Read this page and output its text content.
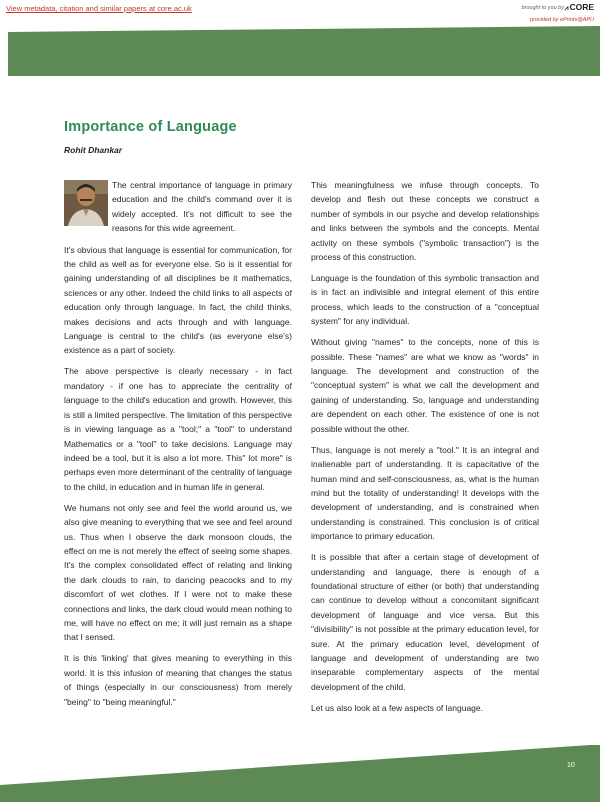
View metadata, citation and similar papers at core.ac.uk	brought to you by ⩘CORE
provided by ePrints@APU
Importance of Language
Rohit Dhankar

The central importance of language in primary education and the child's command over it is widely accepted. It's not difficult to see the reasons for this wide agreement.

It's obvious that language is essential for communication, for the child as well as for everyone else. So is it essential for gaining understanding of all disciplines be it mathematics, sciences or any other. Indeed the child links to all aspects of education only through language. In fact, the child thinks, makes decisions and acts through and with language. Language is central to the child's (as everyone else's) existence as a part of society.

The above perspective is clearly necessary - in fact mandatory - if one has to appreciate the centrality of language to the child's education and growth. However, this is still a limited perspective. The limitation of this perspective is in viewing language as a "tool;" a "tool" to understand Mathematics or a "tool" to take decisions. Language may indeed be a tool, but it is also a lot more. This" lot more" is perhaps even more determinant of the centrality of language to the child, in education and in human life in general.

We humans not only see and feel the world around us, we also give meaning to everything that we see and feel around us. Thus when I observe the dark monsoon clouds, the effect on me is not merely the effect of seeing some shapes. It's the complex consolidated effect of relating and linking the dark clouds to rain, to dancing peacocks and to my discomfort of wet clothes. If I were not to make these connections and links, the dark cloud would mean nothing to me, will have no effect on me; it will just remain as a shape that I sensed.

It is this 'linking' that gives meaning to everything in this world. It is this infusion of meaning that changes the status of things (especially in our consciousness) from merely "being" to "being meaningful."

This meaningfulness we infuse through concepts. To develop and flesh out these concepts we construct a number of symbols in our psyche and develop relationships and links between the symbols and the concepts. Mental activity on these symbols ("symbolic transaction") is the process of this construction.

Language is the foundation of this symbolic transaction and is in fact an indivisible and integral element of this entire process, which leads to the construction of a "conceptual system" for any individual.

Without giving "names" to the concepts, none of this is possible. These "names" are what we know as "words" in language. The development and construction of the "conceptual system" is what we call the development and gaining of understanding. So, language and understanding are dependent on each other. The existence of one is not possible without the other.

Thus, language is not merely a "tool." It is an integral and inalienable part of understanding. It is capacitative of the human mind and self-consciousness, as, what is the human mind but the totality of understanding! It develops with the development of understanding, and is constrained when understanding is constrained. This conclusion is of critical importance to primary education.

It is possible that after a certain stage of development of understanding and language, there is enough of a foundational structure of either (or both) that understanding can continue to develop without a concomitant significant development of language and vice versa. But this "divisibility" is not possible at the primary education level, for sure. At the primary education level, development of language and development of understanding are two inseparable complementary aspects of the mental development of the child.

Let us also look at a few aspects of language.

10
